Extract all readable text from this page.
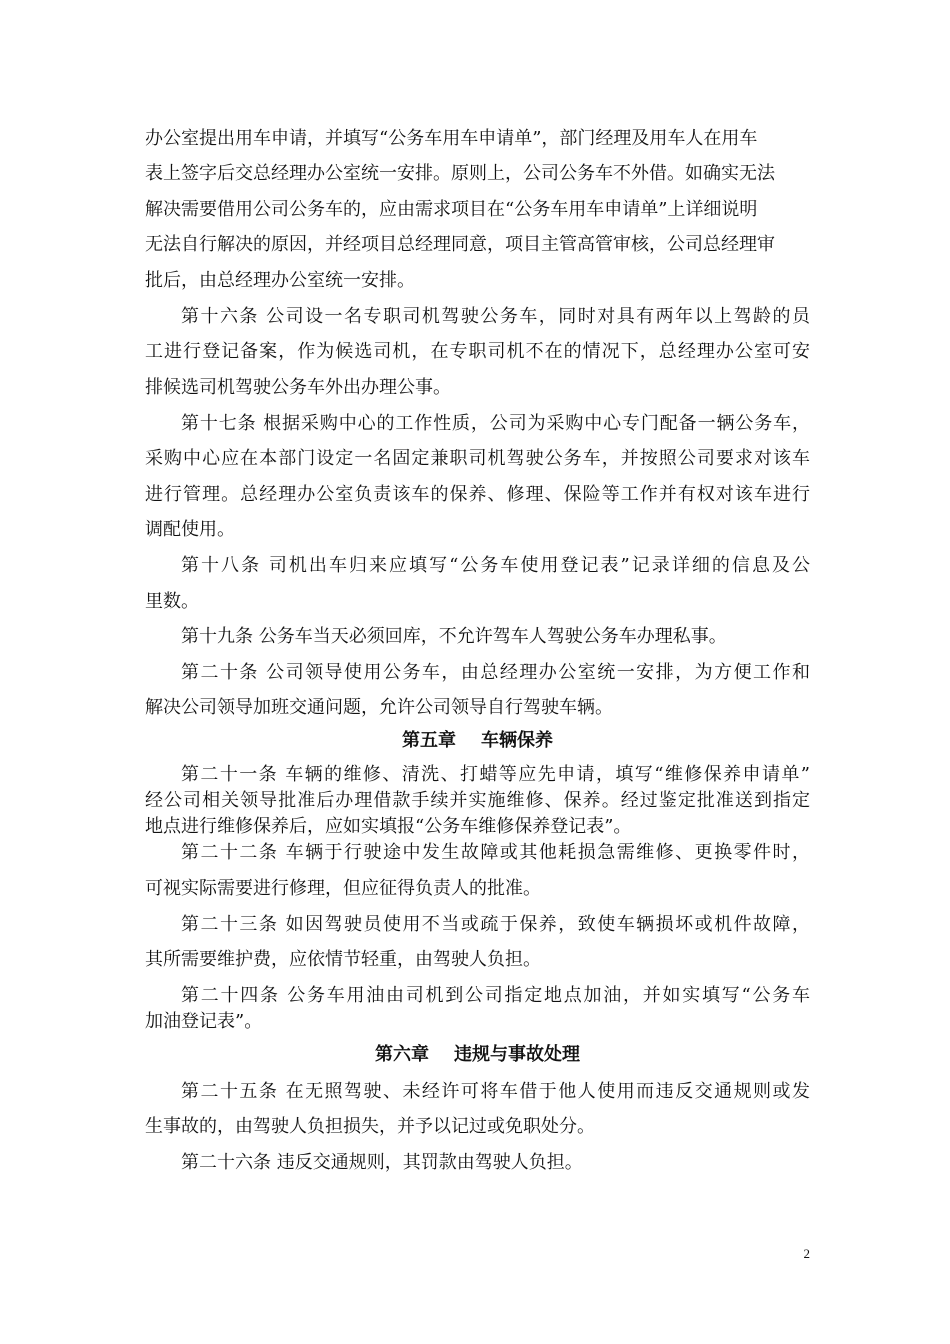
办公室提出用车申请，并填写“公务车用车申请单”，部门经理及用车人在用车
表上签字后交总经理办公室统一安排。原则上，公司公务车不外借。如确实无法
解决需要借用公司公务车的，应由需求项目在“公务车用车申请单”上详细说明
无法自行解决的原因，并经项目总经理同意，项目主管高管审核，公司总经理审
批后，由总经理办公室统一安排。
第十六条 公司设一名专职司机驾驶公务车，同时对具有两年以上驾龄的员
工进行登记备案，作为候选司机，在专职司机不在的情况下，总经理办公室可安
排候选司机驾驶公务车外出办理公事。
第十七条 根据采购中心的工作性质，公司为采购中心专门配备一辆公务车，
采购中心应在本部门设定一名固定兼职司机驾驶公务车，并按照公司要求对该车
进行管理。总经理办公室负责该车的保养、修理、保险等工作并有权对该车进行
调配使用。
第十八条 司机出车归来应填写“公务车使用登记表”记录详细的信息及公
里数。
第十九条 公务车当天必须回库，不允许驾车人驾驶公务车办理私事。
第二十条 公司领导使用公务车，由总经理办公室统一安排，为方便工作和
解决公司领导加班交通问题，允许公司领导自行驾驶车辆。
第五章    车辆保养
第二十一条 车辆的维修、清洗、打蜡等应先申请，填写“维修保养申请单”
经公司相关领导批准后办理借款手续并实施维修、保养。经过鉴定批准送到指定
地点进行维修保养后，应如实填报“公务车维修保养登记表”。
第二十二条 车辆于行驶途中发生故障或其他耗损急需维修、更换零件时，
可视实际需要进行修理，但应征得负责人的批准。
第二十三条 如因驾驶员使用不当或疏于保养，致使车辆损坏或机件故障，
其所需要维护费，应依情节轻重，由驾驶人负担。
第二十四条 公务车用油由司机到公司指定地点加油，并如实填写“公务车
加油登记表”。
第六章    违规与事故处理
第二十五条 在无照驾驶、未经许可将车借于他人使用而违反交通规则或发
生事故的，由驾驶人负担损失，并予以记过或免职处分。
第二十六条 违反交通规则，其罚款由驾驶人负担。
2
